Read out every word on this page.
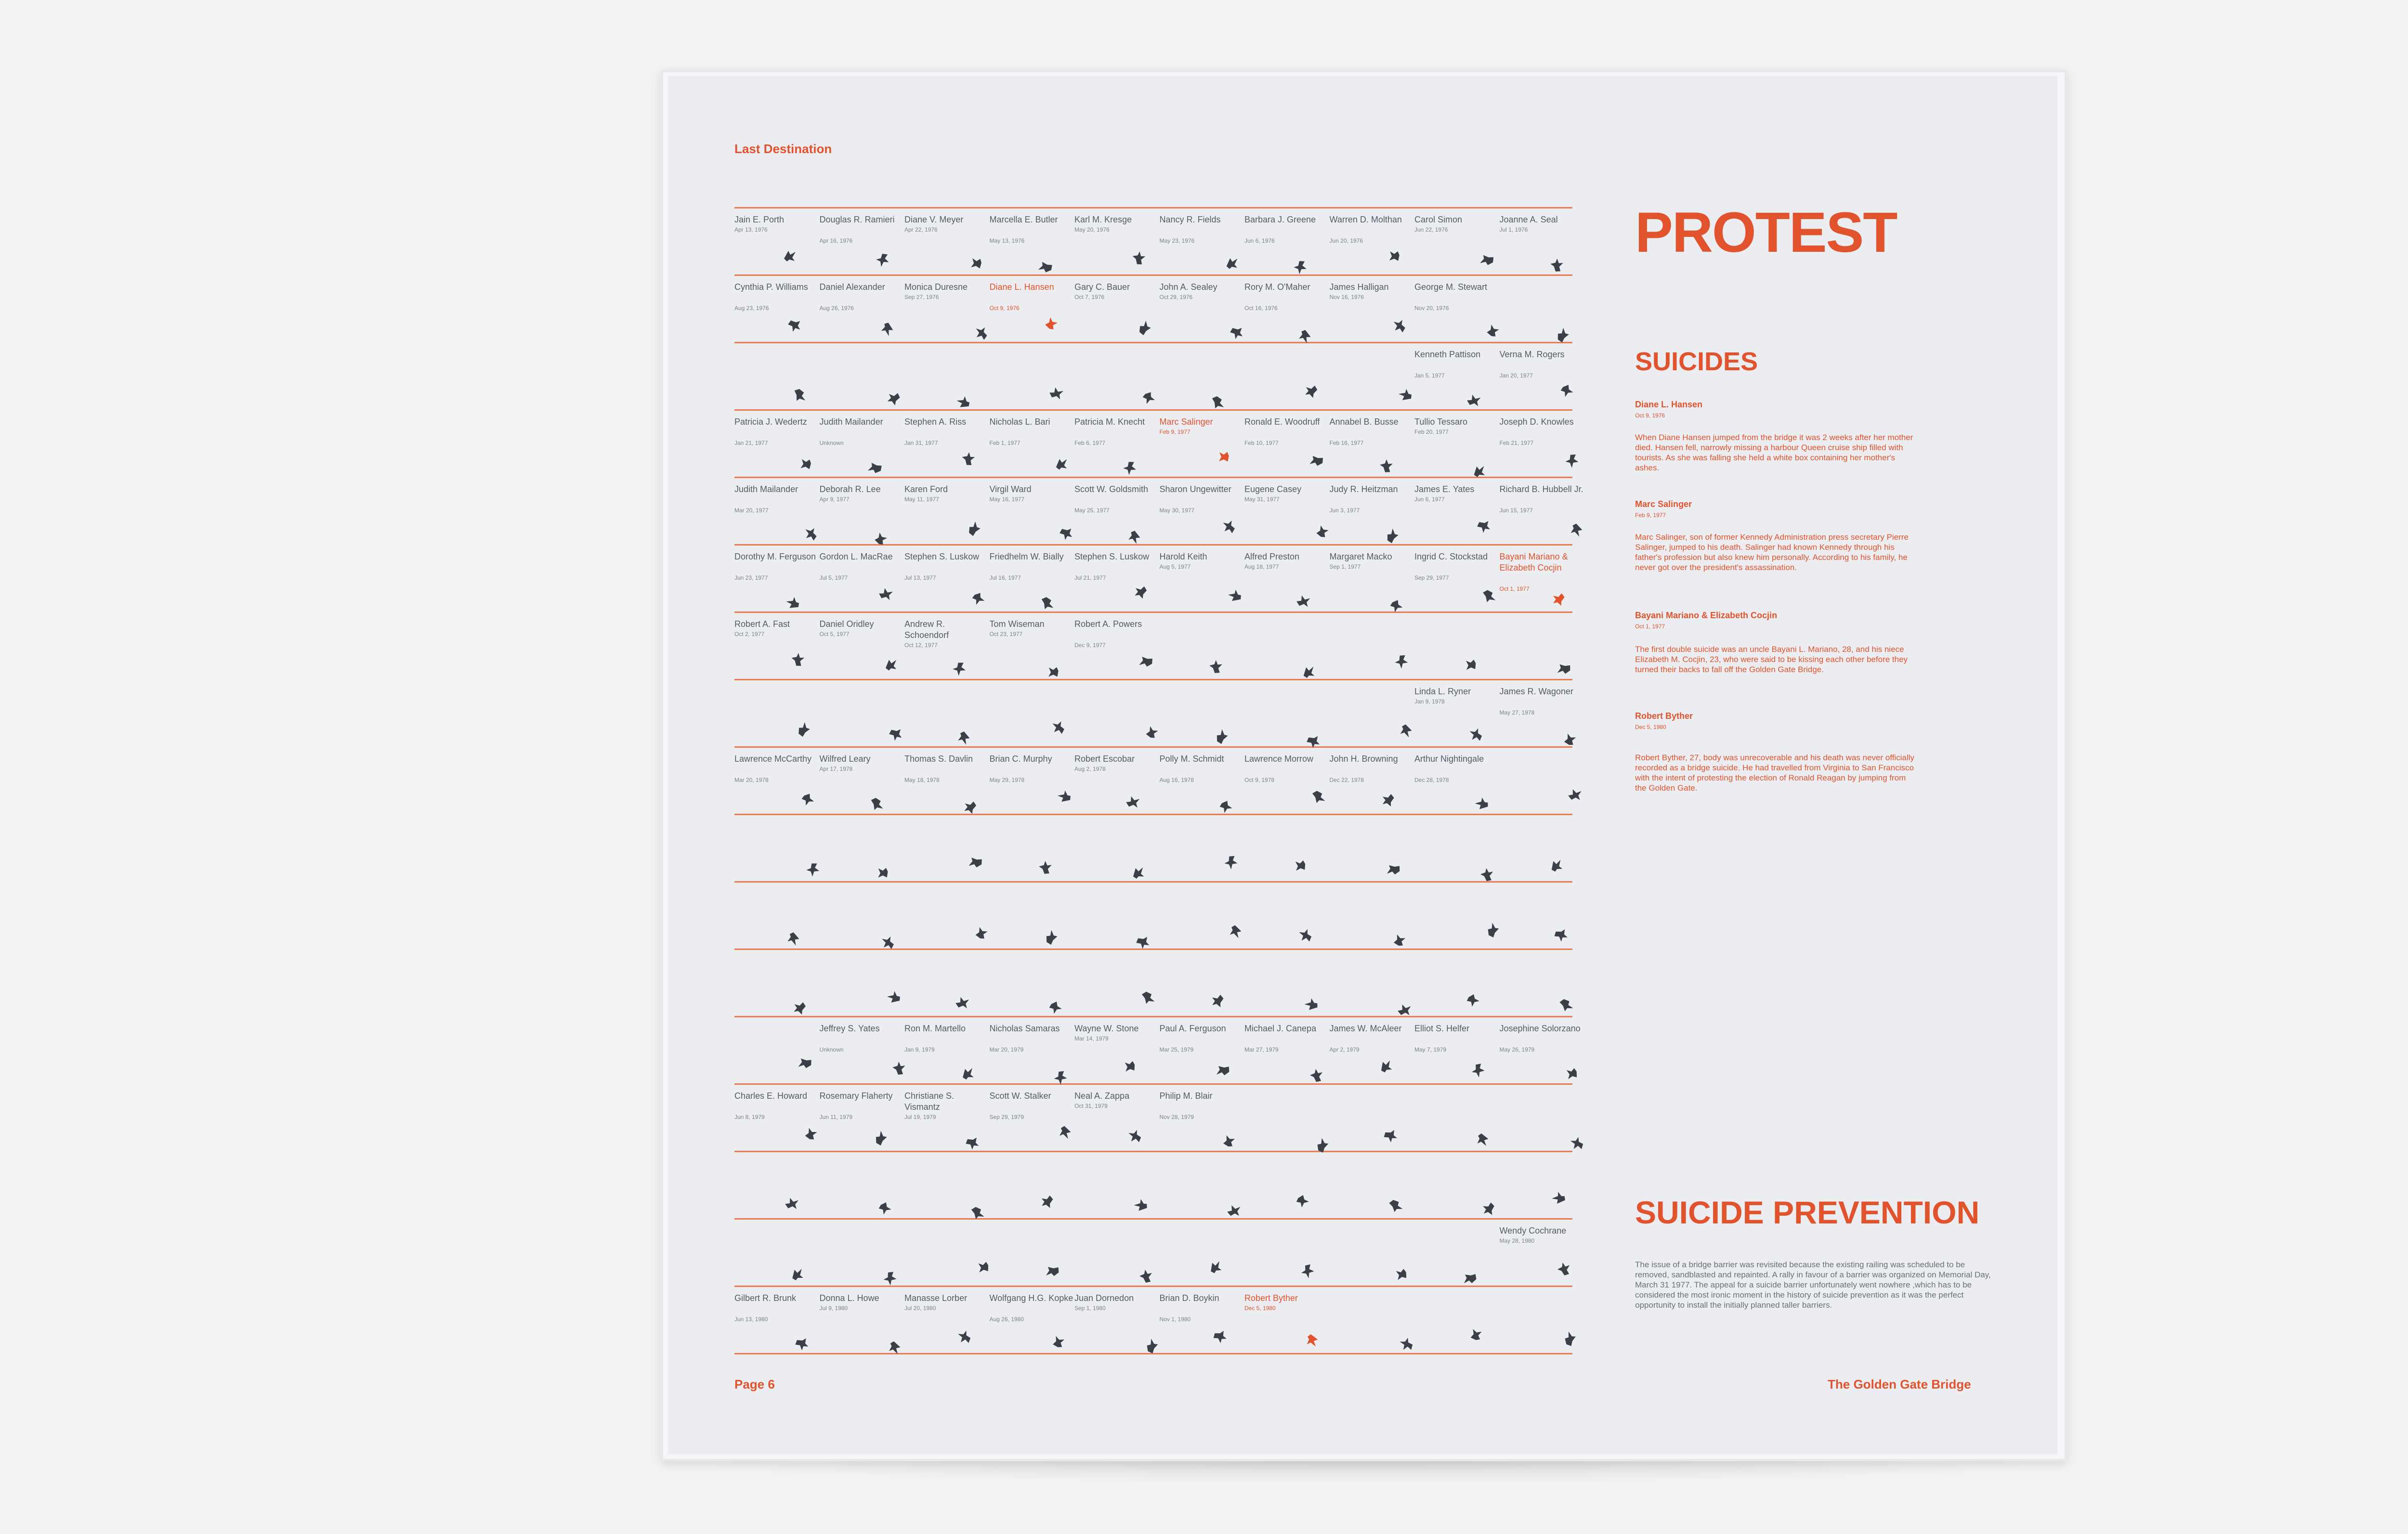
Last Destination
Page 6	The Golden Gate Bridge
Jain E. Porth
Apr 13, 1976
Douglas R. Ramieri
Apr 16, 1976
Diane V. Meyer
Apr 22, 1976
Marcella E. Butler
May 13, 1976
Karl M. Kresge
May 20, 1976
Nancy R. Fields
May 23, 1976
Barbara J. Greene
Jun 6, 1976
Warren D. Molthan
Jun 20, 1976
Carol Simon
Jun 22, 1976
Joanne A. Seal
Jul 1, 1976
Cynthia P. Williams
Aug 23, 1976
Daniel Alexander
Aug 26, 1976
Monica Duresne
Sep 27, 1976
Diane L. Hansen
Oct 9, 1976
Gary C. Bauer
Oct 7, 1976
John A. Sealey
Oct 29, 1976
Rory M. O'Maher
Oct 16, 1976
James Halligan
Nov 16, 1976
George M. Stewart
Nov 20, 1976
Kenneth Pattison
Jan 5, 1977
Verna M. Rogers
Jan 20, 1977
Patricia J. Wedertz
Jan 21, 1977
Judith Mailander
Unknown
Stephen A. Riss
Jan 31, 1977
Nicholas L. Bari
Feb 1, 1977
Patricia M. Knecht
Feb 6, 1977
Marc Salinger
Feb 9, 1977
Ronald E. Woodruff
Feb 10, 1977
Annabel B. Busse
Feb 16, 1977
Tullio Tessaro
Feb 20, 1977
Joseph D. Knowles
Feb 21, 1977
Judith Mailander
Mar 20, 1977
Deborah R. Lee
Apr 9, 1977
Karen Ford
May 11, 1977
Virgil Ward
May 16, 1977
Scott W. Goldsmith
May 25, 1977
Sharon Ungewitter
May 30, 1977
Eugene Casey
May 31, 1977
Judy R. Heitzman
Jun 3, 1977
James E. Yates
Jun 6, 1977
Richard B. Hubbell Jr.
Jun 15, 1977
Dorothy M. Ferguson
Jun 23, 1977
Gordon L. MacRae
Jul 5, 1977
Stephen S. Luskow
Jul 13, 1977
Friedhelm W. Bially
Jul 16, 1977
Stephen S. Luskow
Jul 21, 1977
Harold Keith
Aug 5, 1977
Alfred Preston
Aug 18, 1977
Margaret Macko
Sep 1, 1977
Ingrid C. Stockstad
Sep 29, 1977
Bayani Mariano & Elizabeth Cocjin
Oct 1, 1977
Robert A. Fast
Oct 2, 1977
Daniel Oridley
Oct 5, 1977
Andrew R. Schoendorf
Oct 12, 1977
Tom Wiseman
Oct 23, 1977
Robert A. Powers
Dec 9, 1977
Linda L. Ryner
Jan 9, 1978
James R. Wagoner
May 27, 1978
Lawrence McCarthy
Mar 20, 1978
Wilfred Leary
Apr 17, 1978
Thomas S. Davlin
May 18, 1978
Brian C. Murphy
May 29, 1978
Robert Escobar
Aug 2, 1978
Polly M. Schmidt
Aug 16, 1978
Lawrence Morrow
Oct 9, 1978
John H. Browning
Dec 22, 1978
Arthur Nightingale
Dec 28, 1978
Jeffrey S. Yates
Unknown
Ron M. Martello
Jan 9, 1979
Nicholas Samaras
Mar 20, 1979
Wayne W. Stone
Mar 14, 1979
Paul A. Ferguson
Mar 25, 1979
Michael J. Canepa
Mar 27, 1979
James W. McAleer
Apr 2, 1979
Elliot S. Helfer
May 7, 1979
Josephine Solorzano
May 26, 1979
Charles E. Howard
Jun 8, 1979
Rosemary Flaherty
Jun 11, 1979
Christiane S. Vismantz
Jul 19, 1979
Scott W. Stalker
Sep 29, 1979
Neal A. Zappa
Oct 31, 1979
Philip M. Blair
Nov 28, 1979
Wendy Cochrane
May 28, 1980
Gilbert R. Brunk
Jun 13, 1980
Donna L. Howe
Jul 9, 1980
Manasse Lorber
Jul 20, 1980
Wolfgang H.G. Kopke
Aug 26, 1980
Juan Dornedon
Sep 1, 1980
Brian D. Boykin
Nov 1, 1980
Robert Byther
Dec 5, 1980
PROTEST
SUICIDES
Diane L. Hansen
Oct 9, 1976
When Diane Hansen jumped from the bridge it was 2 weeks after her mother died. Hansen fell, narrowly missing a harbour Queen cruise ship filled with tourists. As she was falling she held a white box containing her mother's ashes.
Marc Salinger
Feb 9, 1977
Marc Salinger, son of former Kennedy Administration press secretary Pierre Salinger, jumped to his death. Salinger had known Kennedy through his father's profession but also knew him personally. According to his family, he never got over the president's assassination.
Bayani Mariano & Elizabeth Cocjin
Oct 1, 1977
The first double suicide was an uncle Bayani L. Mariano, 28, and his niece Elizabeth M. Cocjin, 23, who were said to be kissing each other before they turned their backs to fall off the Golden Gate Bridge.
Robert Byther
Dec 5, 1980
Robert Byther, 27, body was unrecoverable and his death was never officially recorded as a bridge suicide. He had travelled from Virginia to San Francisco with the intent of protesting the election of Ronald Reagan by jumping from the Golden Gate.
SUICIDE PREVENTION
The issue of a bridge barrier was revisited because the existing railing was scheduled to be removed, sandblasted and repainted. A rally in favour of a barrier was organized on Memorial Day, March 31 1977. The appeal for a suicide barrier unfortunately went nowhere ,which has to be considered the most ironic moment in the history of suicide prevention as it was the perfect opportunity to install the initially planned taller barriers.
